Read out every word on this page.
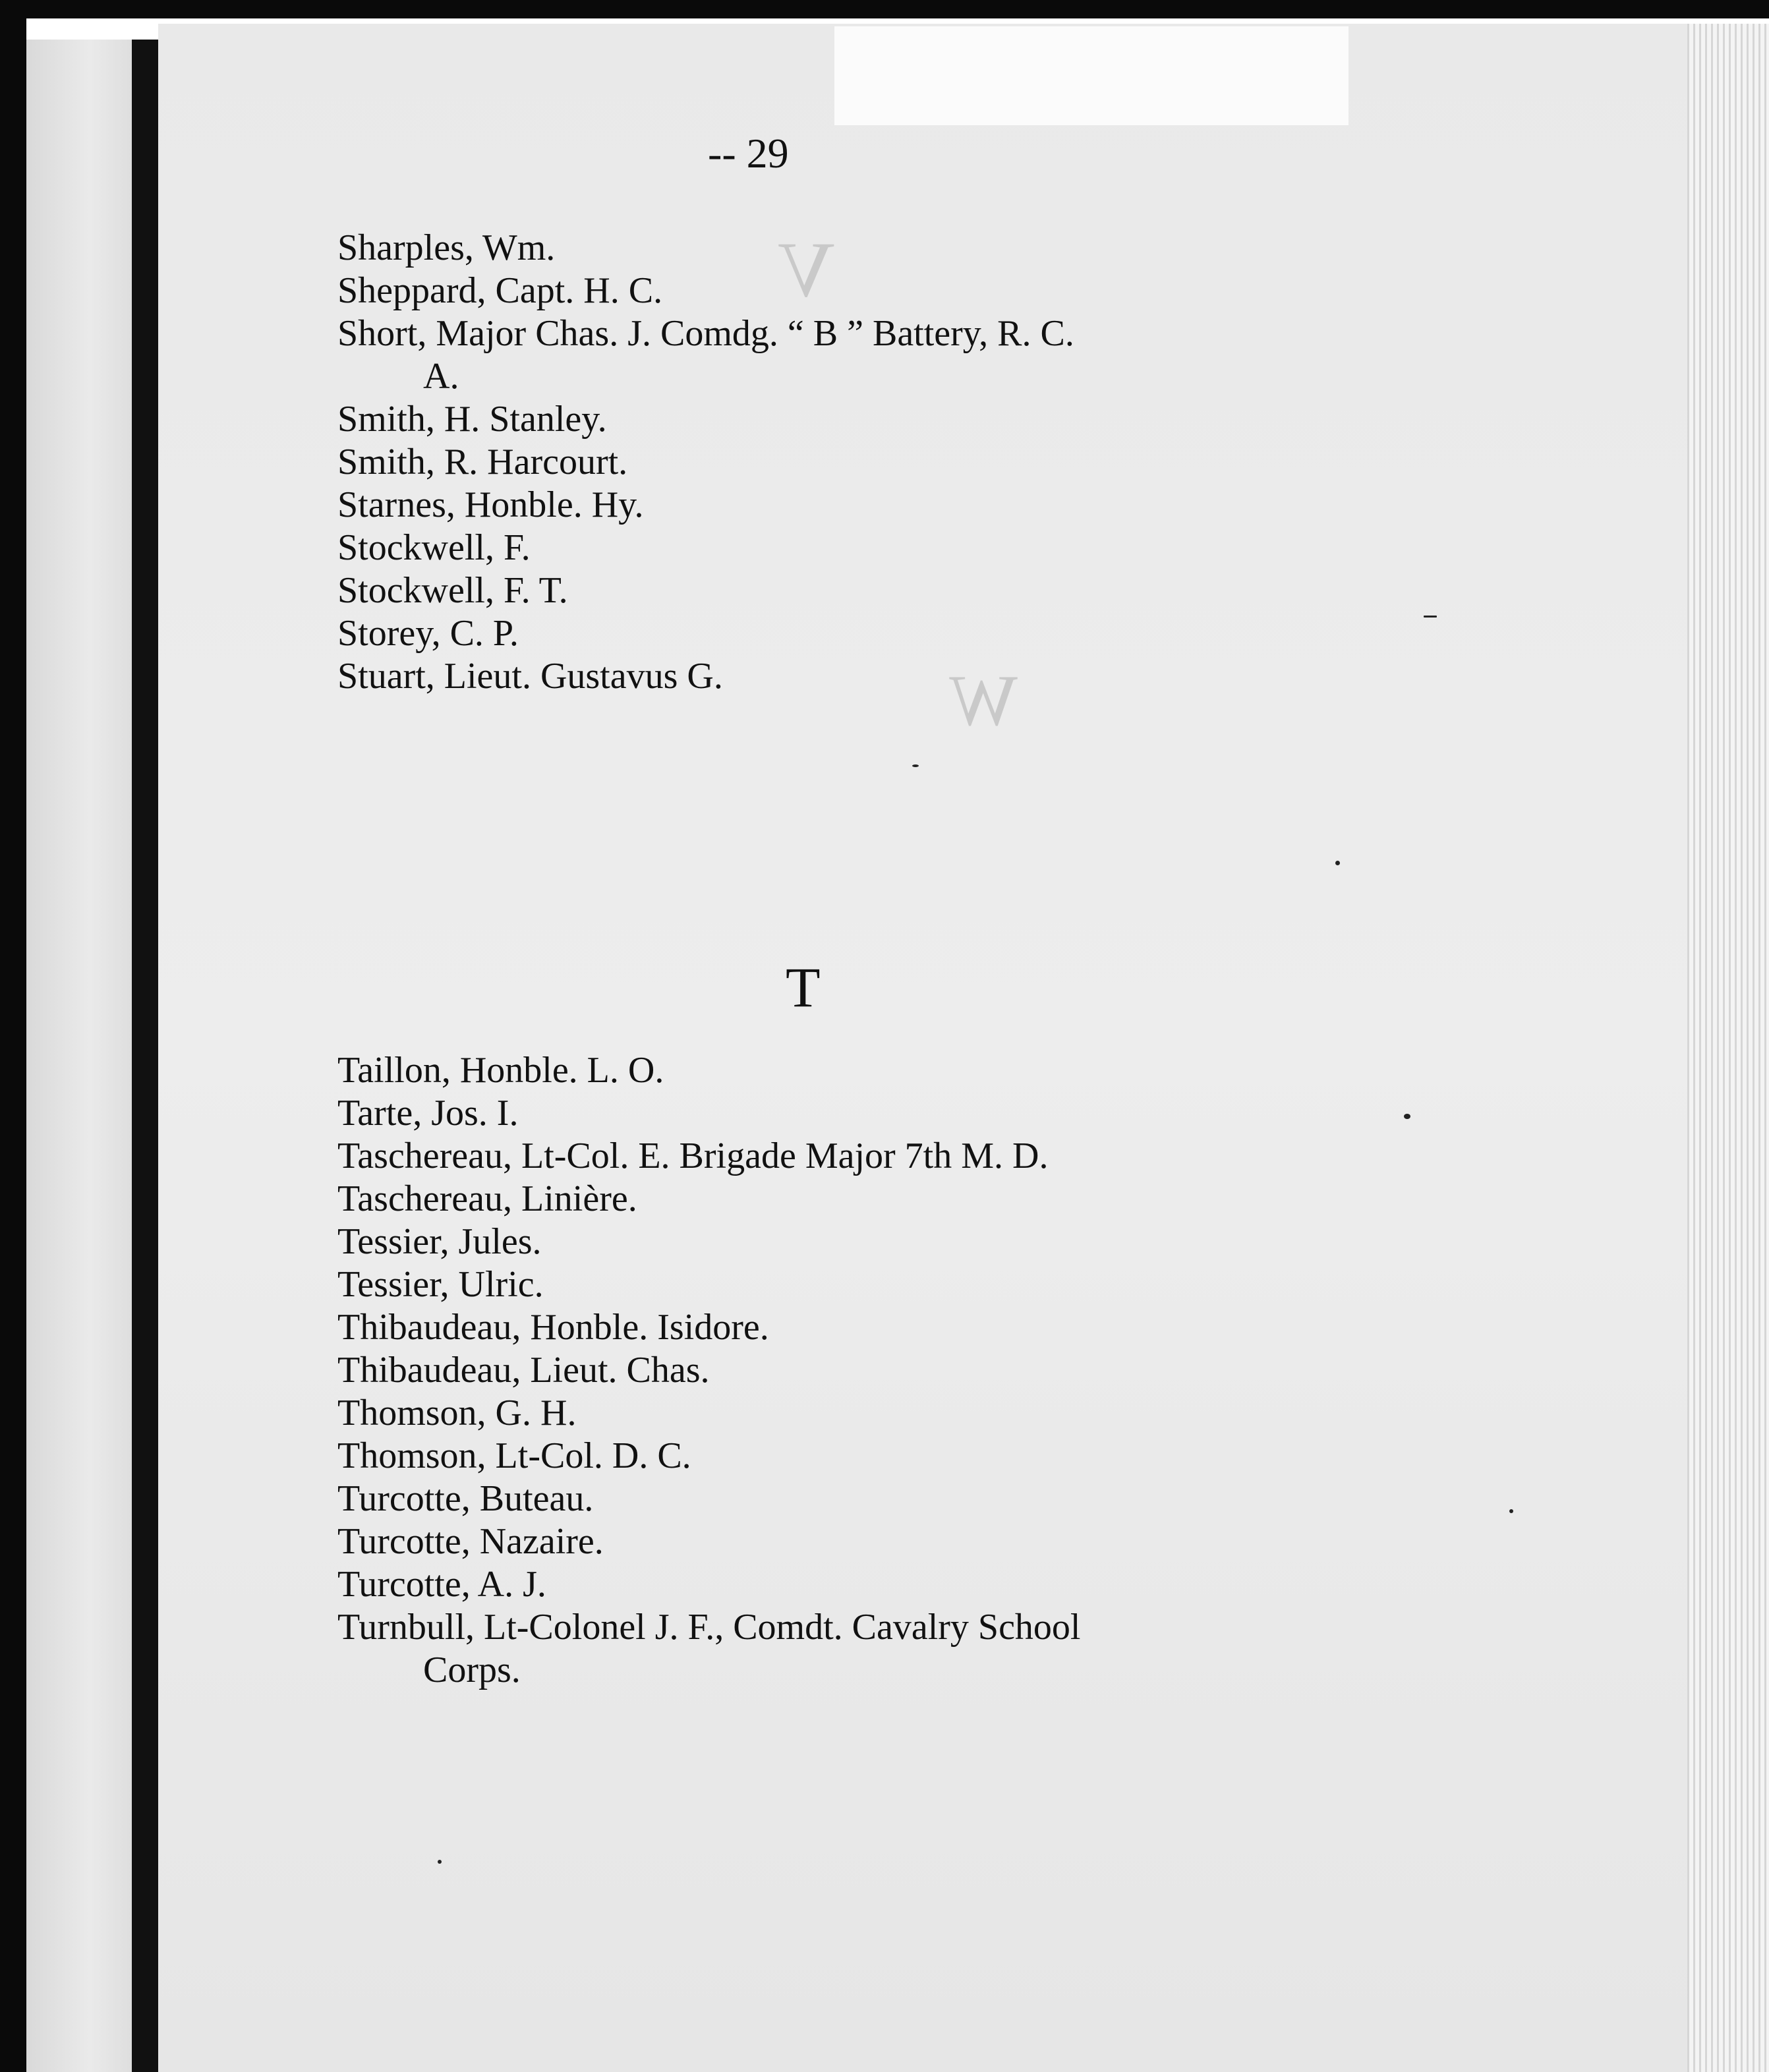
V
W
-- 29
Sharples, Wm.
Sheppard, Capt. H. C.
Short, Major Chas. J. Comdg. “ B ” Battery, R. C.
A.
Smith, H. Stanley.
Smith, R. Harcourt.
Starnes, Honble. Hy.
Stockwell, F.
Stockwell, F. T.
Storey, C. P.
Stuart, Lieut. Gustavus G.
T
Taillon, Honble. L. O.
Tarte, Jos. I.
Taschereau, Lt-Col. E. Brigade Major 7th M. D.
Taschereau, Linière.
Tessier, Jules.
Tessier, Ulric.
Thibaudeau, Honble. Isidore.
Thibaudeau, Lieut. Chas.
Thomson, G. H.
Thomson, Lt-Col. D. C.
Turcotte, Buteau.
Turcotte, Nazaire.
Turcotte, A. J.
Turnbull, Lt-Colonel J. F., Comdt. Cavalry School
Corps.
